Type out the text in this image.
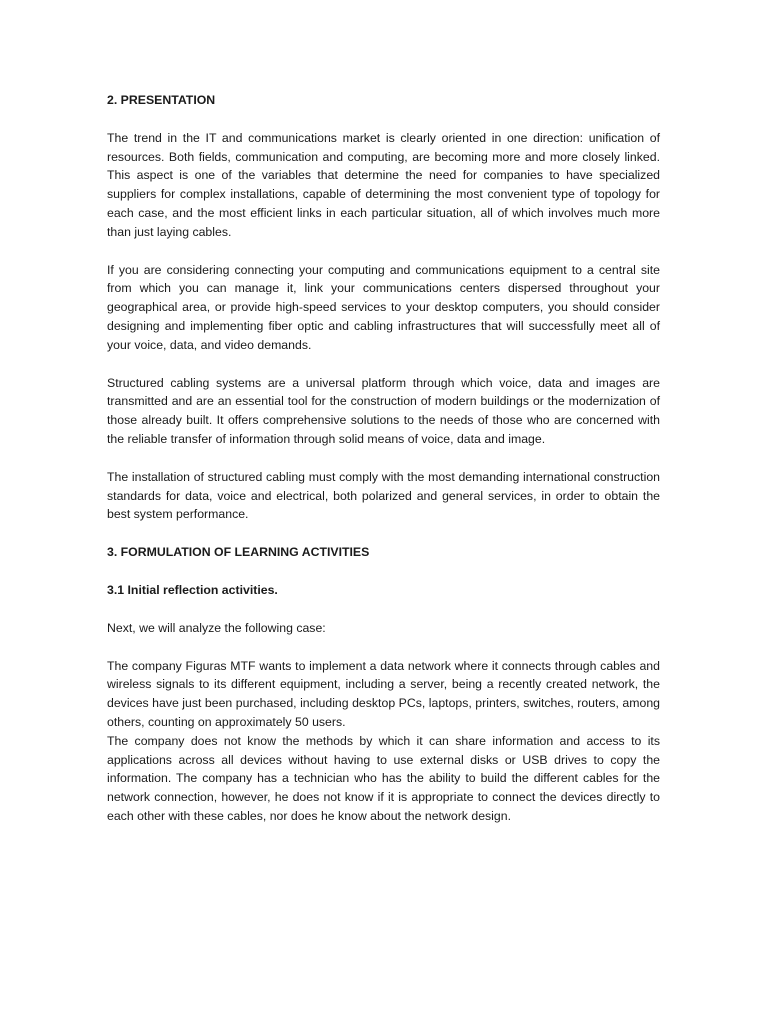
2. PRESENTATION

The trend in the IT and communications market is clearly oriented in one direction: unification of resources. Both fields, communication and computing, are becoming more and more closely linked. This aspect is one of the variables that determine the need for companies to have specialized suppliers for complex installations, capable of determining the most convenient type of topology for each case, and the most efficient links in each particular situation, all of which involves much more than just laying cables.

If you are considering connecting your computing and communications equipment to a central site from which you can manage it, link your communications centers dispersed throughout your geographical area, or provide high-speed services to your desktop computers, you should consider designing and implementing fiber optic and cabling infrastructures that will successfully meet all of your voice, data, and video demands.

Structured cabling systems are a universal platform through which voice, data and images are transmitted and are an essential tool for the construction of modern buildings or the modernization of those already built. It offers comprehensive solutions to the needs of those who are concerned with the reliable transfer of information through solid means of voice, data and image.

The installation of structured cabling must comply with the most demanding international construction standards for data, voice and electrical, both polarized and general services, in order to obtain the best system performance.

3. FORMULATION OF LEARNING ACTIVITIES
3.1 Initial reflection activities.

Next, we will analyze the following case:

The company Figuras MTF wants to implement a data network where it connects through cables and wireless signals to its different equipment, including a server, being a recently created network, the devices have just been purchased, including desktop PCs, laptops, printers, switches, routers, among others, counting on approximately 50 users.

The company does not know the methods by which it can share information and access to its applications across all devices without having to use external disks or USB drives to copy the information. The company has a technician who has the ability to build the different cables for the network connection, however, he does not know if it is appropriate to connect the devices directly to each other with these cables, nor does he know about the network design.
